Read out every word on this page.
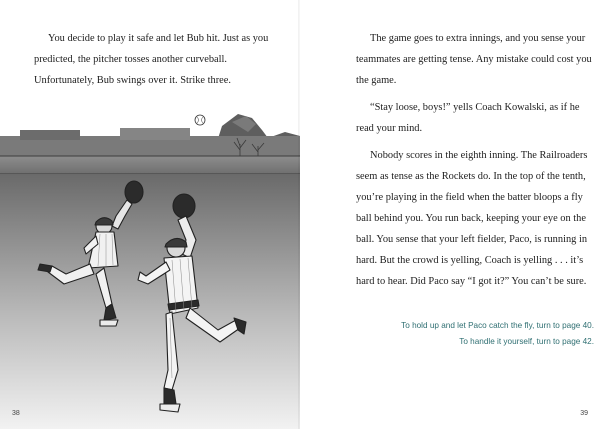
You decide to play it safe and let Bub hit. Just as you predicted, the pitcher tosses another curveball. Unfortunately, Bub swings over it. Strike three.

38

The game goes to extra innings, and you sense your teammates are getting tense. Any mistake could cost you the game.

“Stay loose, boys!” yells Coach Kowalski, as if he read your mind.

Nobody scores in the eighth inning. The Railroaders seem as tense as the Rockets do. In the top of the tenth, you’re playing in the field when the batter bloops a fly ball behind you. You run back, keeping your eye on the ball. You sense that your left fielder, Paco, is running in hard. But the crowd is yelling, Coach is yelling . . . it’s hard to hear. Did Paco say “I got it?” You can’t be sure.

To hold up and let Paco catch the fly, turn to page 40.
To handle it yourself, turn to page 42.
39
